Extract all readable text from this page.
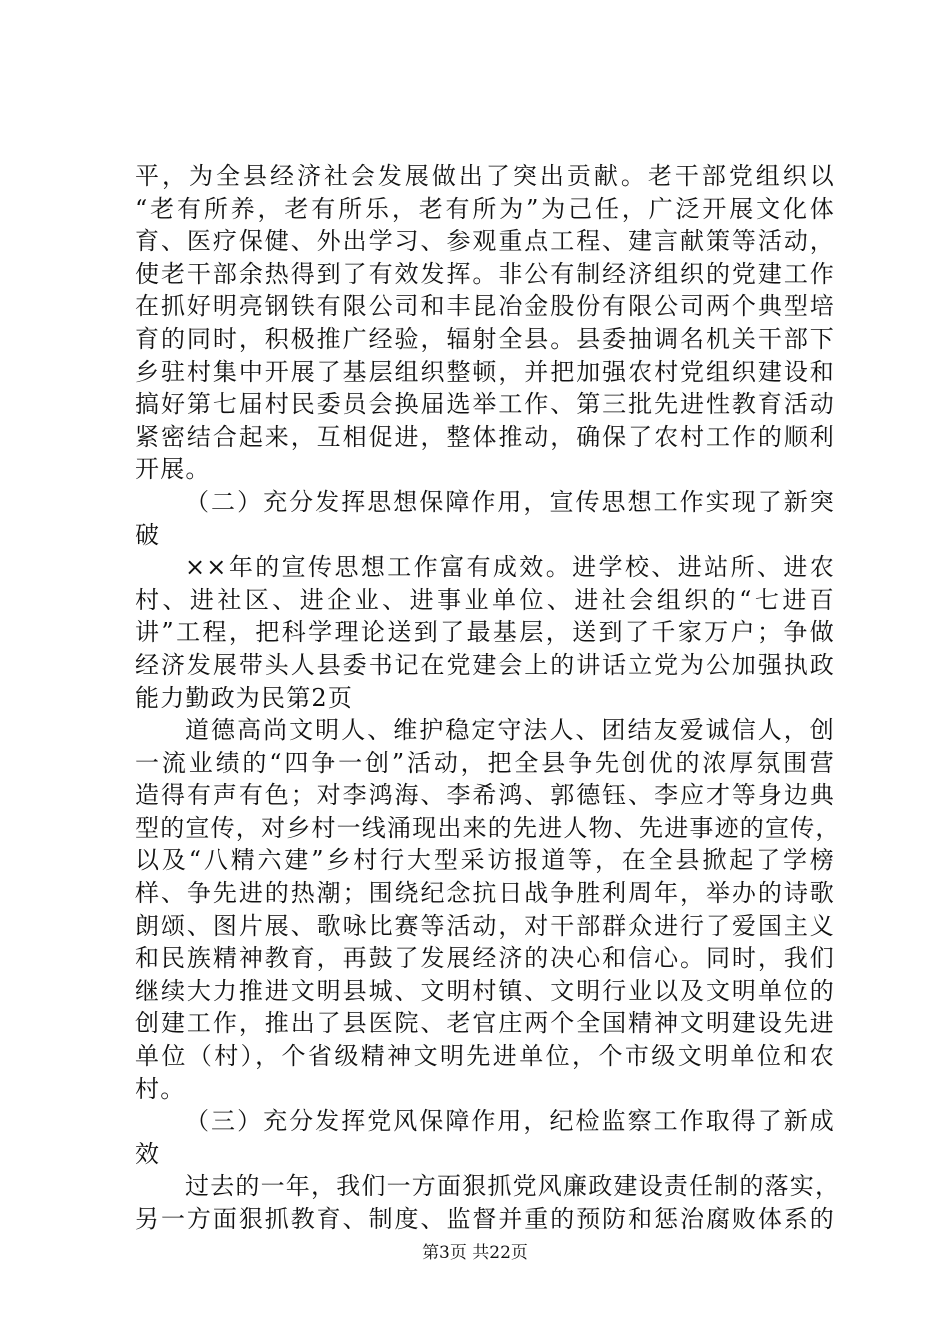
平，为全县经济社会发展做出了突出贡献。老干部党组织以
“老有所养，老有所乐，老有所为”为己任，广泛开展文化体
育、医疗保健、外出学习、参观重点工程、建言献策等活动，
使老干部余热得到了有效发挥。非公有制经济组织的党建工作
在抓好明亮钢铁有限公司和丰昆冶金股份有限公司两个典型培
育的同时，积极推广经验，辐射全县。县委抽调名机关干部下
乡驻村集中开展了基层组织整顿，并把加强农村党组织建设和
搞好第七届村民委员会换届选举工作、第三批先进性教育活动
紧密结合起来，互相促进，整体推动，确保了农村工作的顺利
开展。
（二）充分发挥思想保障作用，宣传思想工作实现了新突
破
××年的宣传思想工作富有成效。进学校、进站所、进农
村、进社区、进企业、进事业单位、进社会组织的“七进百
讲”工程，把科学理论送到了最基层，送到了千家万户；争做
经济发展带头人县委书记在党建会上的讲话立党为公加强执政
能力勤政为民第2页
道德高尚文明人、维护稳定守法人、团结友爱诚信人，创
一流业绩的“四争一创”活动，把全县争先创优的浓厚氛围营
造得有声有色；对李鸿海、李希鸿、郭德钰、李应才等身边典
型的宣传，对乡村一线涌现出来的先进人物、先进事迹的宣传，
以及“八精六建”乡村行大型采访报道等，在全县掀起了学榜
样、争先进的热潮；围绕纪念抗日战争胜利周年，举办的诗歌
朗颂、图片展、歌咏比赛等活动，对干部群众进行了爱国主义
和民族精神教育，再鼓了发展经济的决心和信心。同时，我们
继续大力推进文明县城、文明村镇、文明行业以及文明单位的
创建工作，推出了县医院、老官庄两个全国精神文明建设先进
单位（村），个省级精神文明先进单位，个市级文明单位和农
村。
（三）充分发挥党风保障作用，纪检监察工作取得了新成
效
过去的一年，我们一方面狠抓党风廉政建设责任制的落实，
另一方面狠抓教育、制度、监督并重的预防和惩治腐败体系的
第3页 共22页
